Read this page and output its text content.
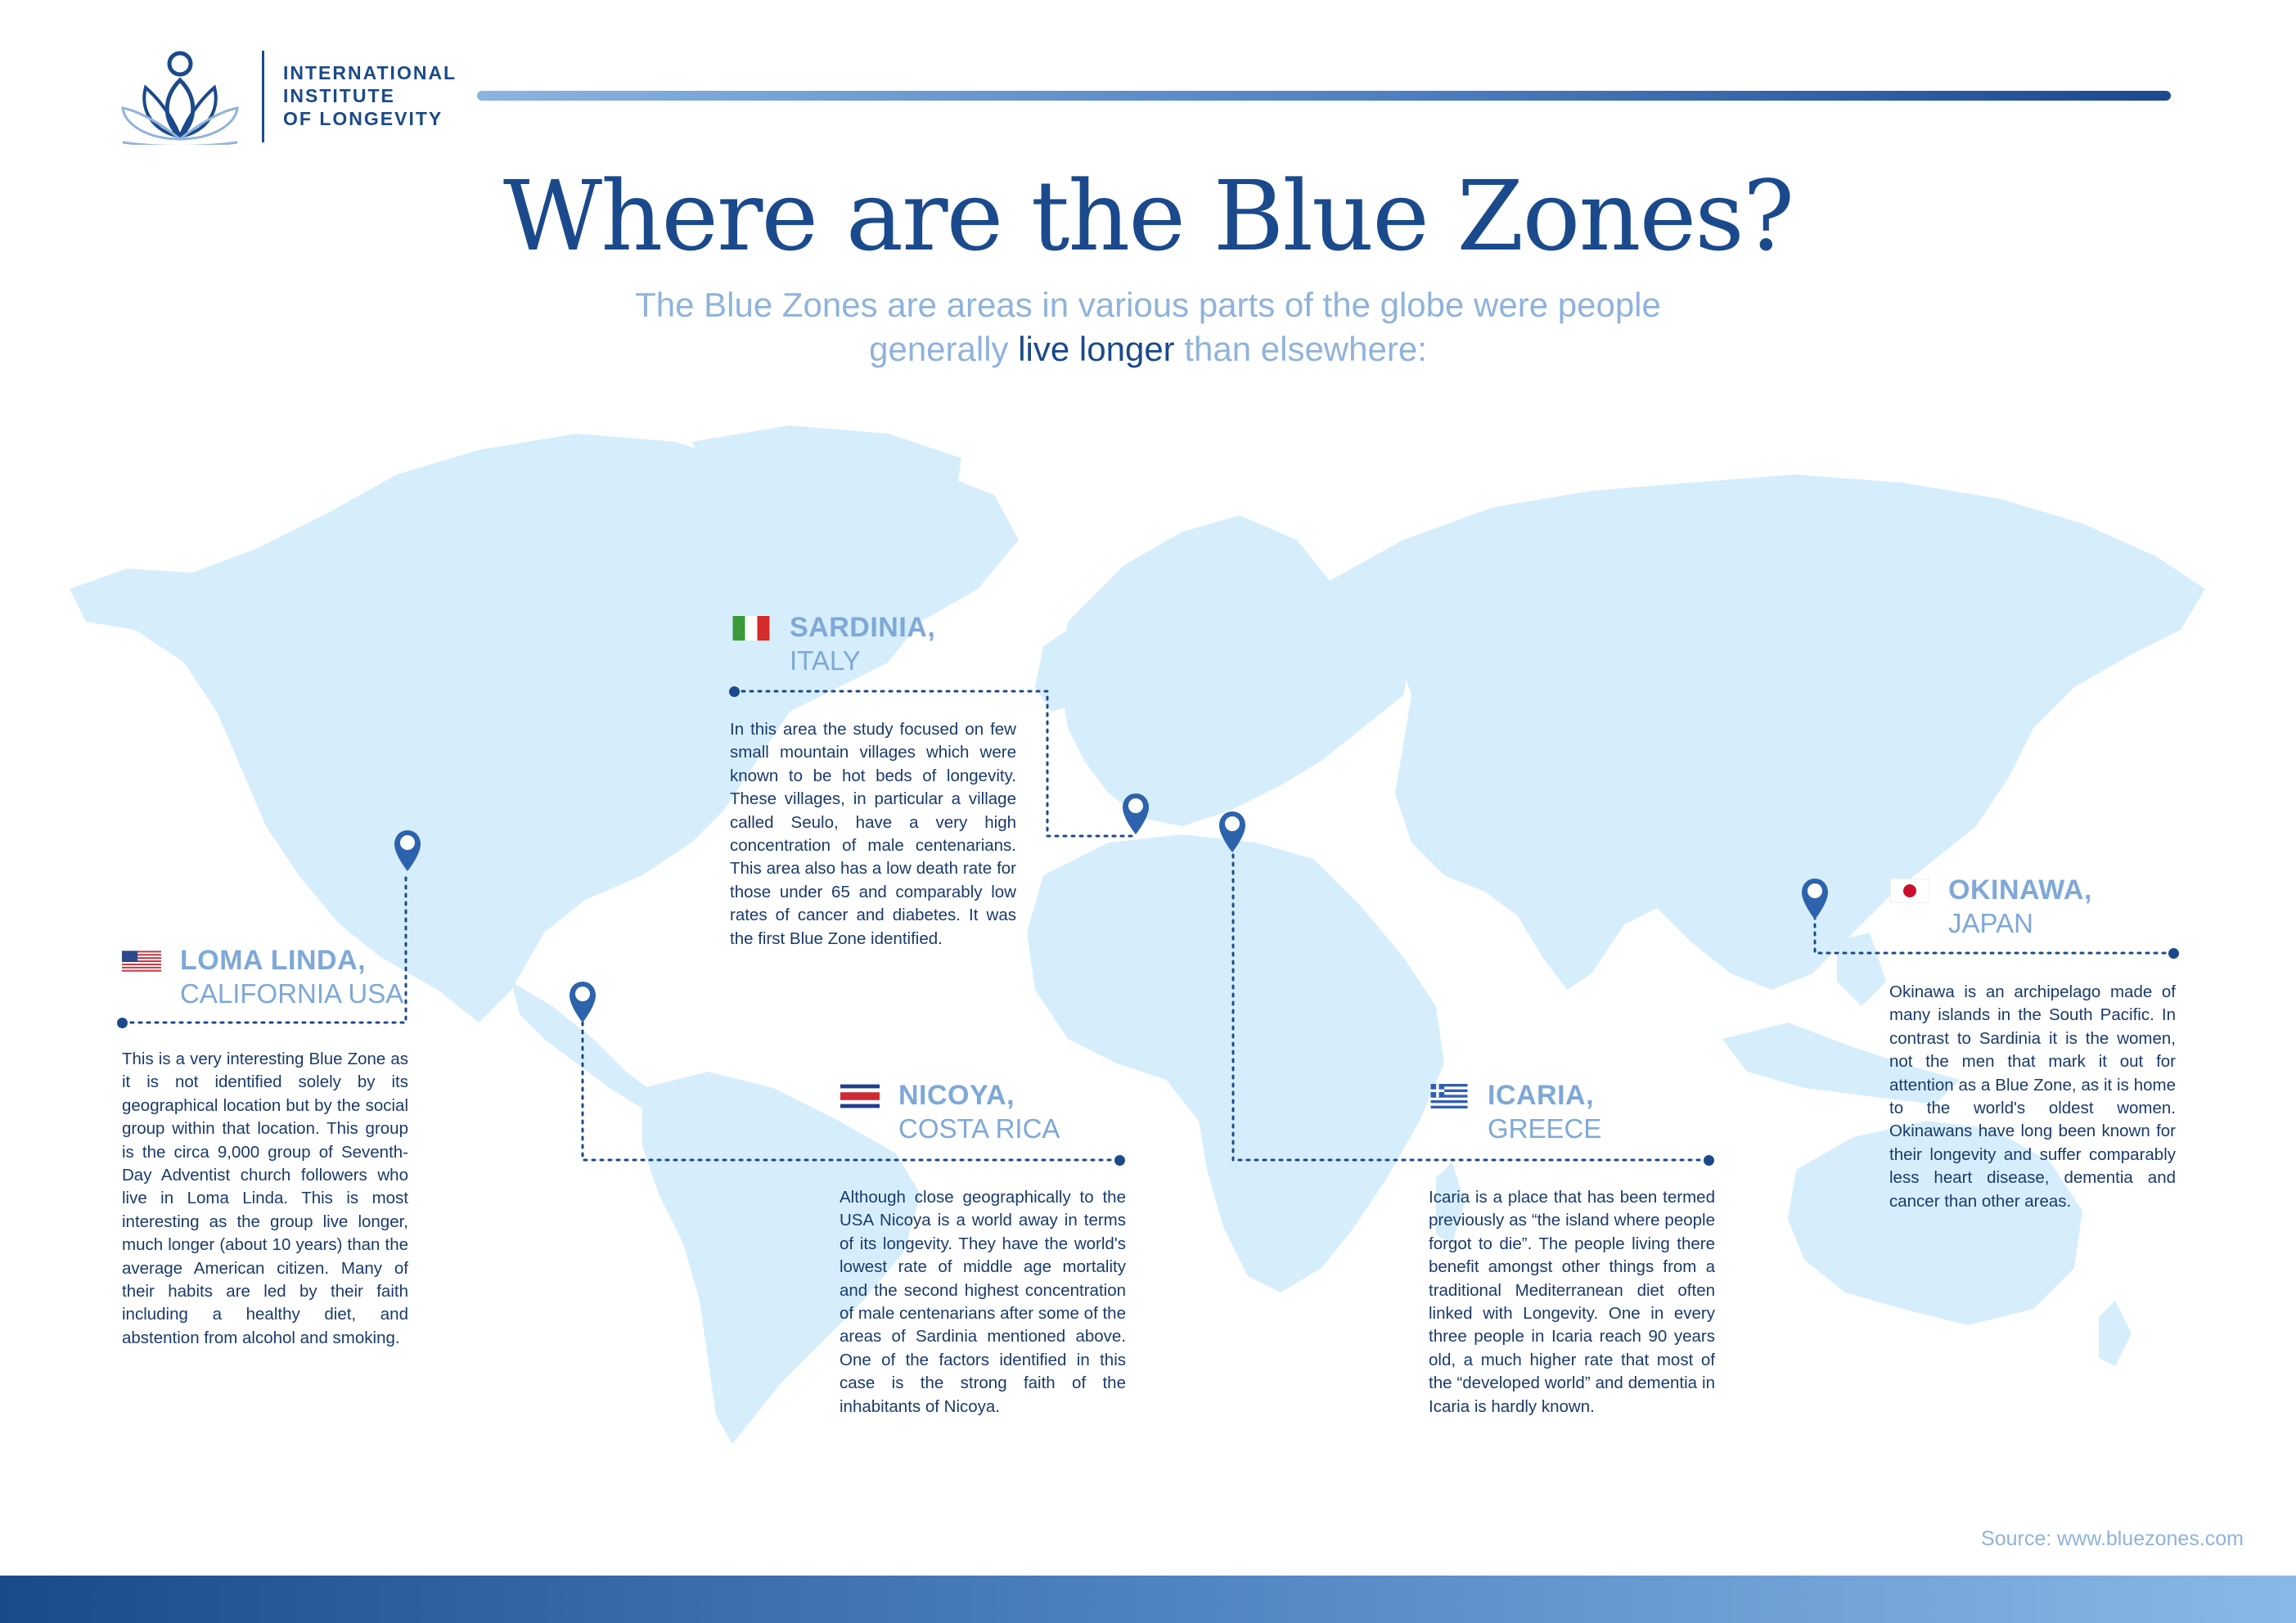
INTERNATIONAL
INSTITUTE
OF LONGEVITY
Where are the Blue Zones?
The Blue Zones are areas in various parts of the globe were people
generally live longer than elsewhere:
SARDINIA,
ITALY
In this area the study focused on few small mountain villages which were known to be hot beds of longevity. These villages, in particular a village called Seulo, have a very high concentration of male centenarians. This area also has a low death rate for those under 65 and comparably low rates of cancer and diabetes. It was the first Blue Zone identified.
LOMA LINDA,
CALIFORNIA USA
This is a very interesting Blue Zone as it is not identified solely by its geographical location but by the social group within that location. This group is the circa 9,000 group of Seventh-Day Adventist church followers who live in Loma Linda. This is most interesting as the group live longer, much longer (about 10 years) than the average American citizen. Many of their habits are led by their faith including a healthy diet, and abstention from alcohol and smoking.
NICOYA,
COSTA RICA
Although close geographically to the USA Nicoya is a world away in terms of its longevity. They have the world's lowest rate of middle age mortality and the second highest concentration of male centenarians after some of the areas of Sardinia mentioned above. One of the factors identified in this case is the strong faith of the inhabitants of Nicoya.
ICARIA,
GREECE
Icaria is a place that has been termed previously as “the island where people forgot to die”. The people living there benefit amongst other things from a traditional Mediterranean diet often linked with Longevity. One in every three people in Icaria reach 90 years old, a much higher rate that most of the “developed world” and dementia in Icaria is hardly known.
OKINAWA,
JAPAN
Okinawa is an archipelago made of many islands in the South Pacific. In contrast to Sardinia it is the women, not the men that mark it out for attention as a Blue Zone, as it is home to the world's oldest women. Okinawans have long been known for their longevity and suffer comparably less heart disease, dementia and cancer than other areas.
Source: www.bluezones.com
